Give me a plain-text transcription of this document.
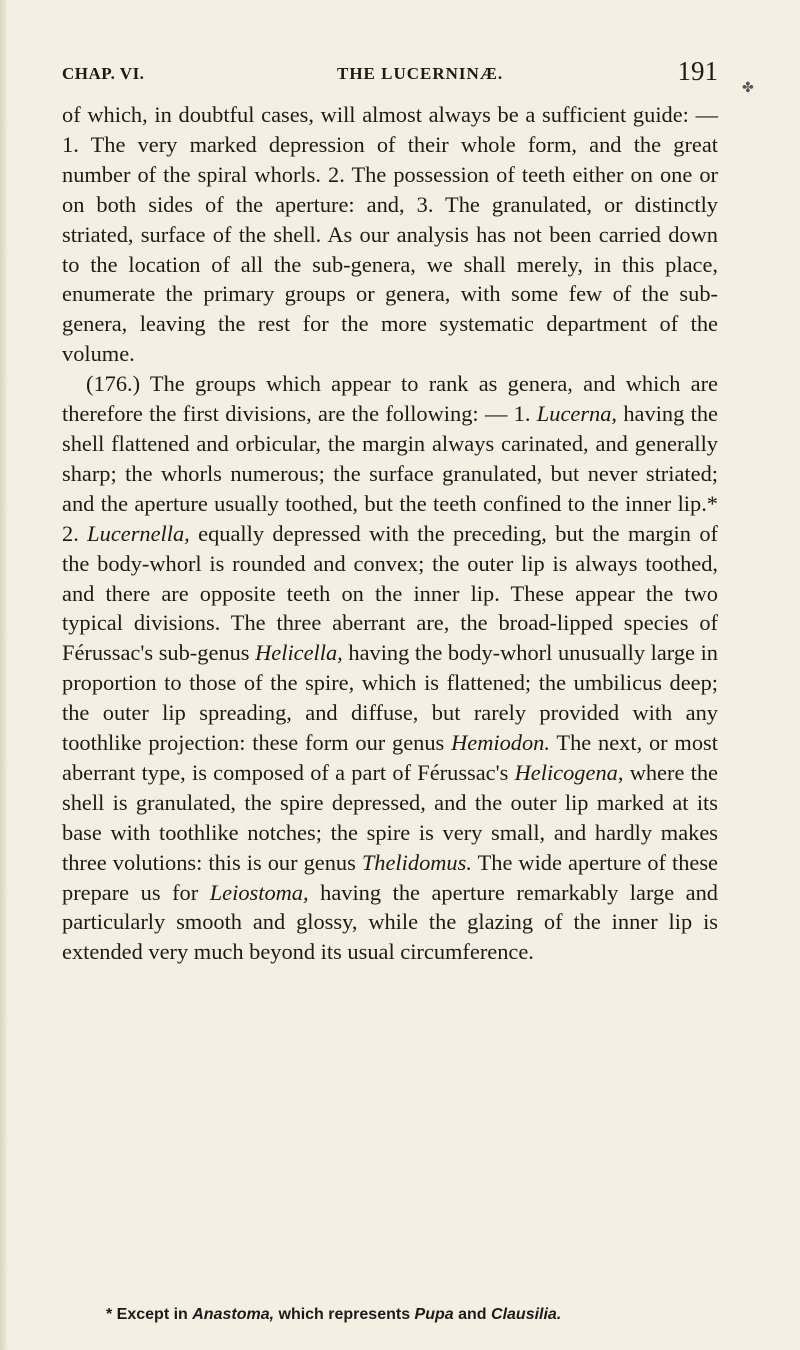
CHAP. VI.	THE LUCERNINÆ.	191
✤

of which, in doubtful cases, will almost always be a sufficient guide: —1. The very marked depression of their whole form, and the great number of the spiral whorls. 2. The possession of teeth either on one or on both sides of the aperture: and, 3. The granulated, or distinctly striated, surface of the shell. As our analysis has not been carried down to the location of all the sub-genera, we shall merely, in this place, enumerate the primary groups or genera, with some few of the sub-genera, leaving the rest for the more systematic department of the volume.

(176.) The groups which appear to rank as genera, and which are therefore the first divisions, are the following: — 1. Lucerna, having the shell flattened and orbicular, the margin always carinated, and generally sharp; the whorls numerous; the surface granulated, but never striated; and the aperture usually toothed, but the teeth confined to the inner lip.* 2. Lucernella, equally depressed with the preceding, but the margin of the body-whorl is rounded and convex; the outer lip is always toothed, and there are opposite teeth on the inner lip. These appear the two typical divisions. The three aberrant are, the broad-lipped species of Férussac's sub-genus Helicella, having the body-whorl unusually large in proportion to those of the spire, which is flattened; the umbilicus deep; the outer lip spreading, and diffuse, but rarely provided with any toothlike projection: these form our genus Hemiodon. The next, or most aberrant type, is composed of a part of Férussac's Helicogena, where the shell is granulated, the spire depressed, and the outer lip marked at its base with toothlike notches; the spire is very small, and hardly makes three volutions: this is our genus Thelidomus. The wide aperture of these prepare us for Leiostoma, having the aperture remarkably large and particularly smooth and glossy, while the glazing of the inner lip is extended very much beyond its usual circumference.

* Except in Anastoma, which represents Pupa and Clausilia.
